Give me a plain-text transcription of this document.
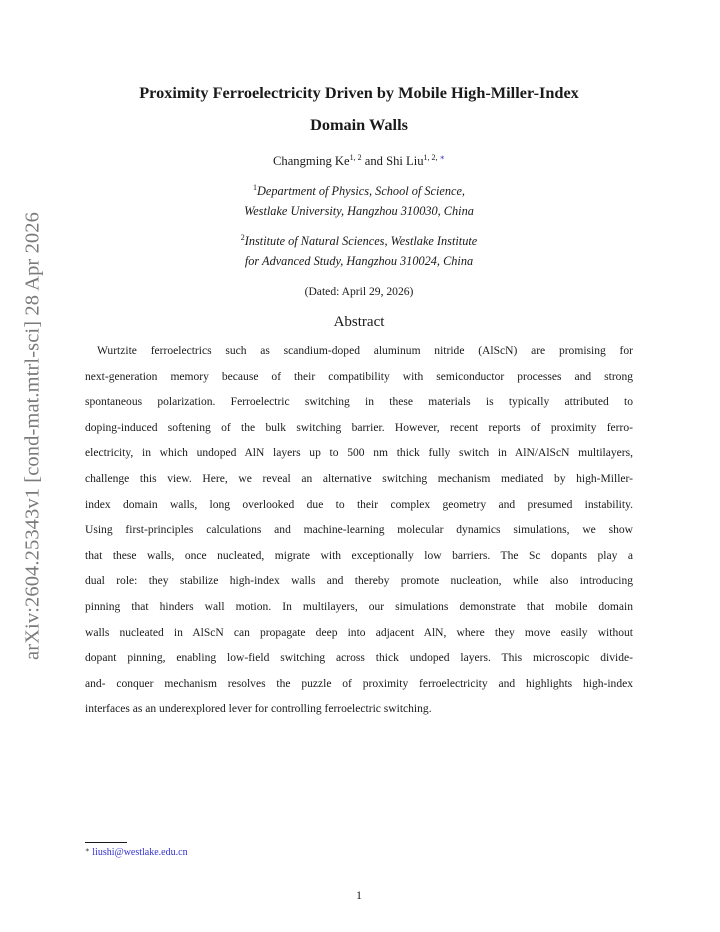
arXiv:2604.25343v1 [cond-mat.mtrl-sci] 28 Apr 2026
Proximity Ferroelectricity Driven by Mobile High-Miller-Index
Domain Walls
Changming Ke$^{1, 2}$ and Shi Liu$^{1, 2, ∗}$
$^1$Department of Physics, School of Science,
Westlake University, Hangzhou 310030, China
$^2$Institute of Natural Sciences, Westlake Institute
for Advanced Study, Hangzhou 310024, China
(Dated: April 29, 2026)
Abstract
Wurtzite ferroelectrics such as scandium-doped aluminum nitride (AlScN) are promising for
next-generation memory because of their compatibility with semiconductor processes and strong
spontaneous polarization. Ferroelectric switching in these materials is typically attributed to
doping-induced softening of the bulk switching barrier. However, recent reports of proximity ferro-
electricity, in which undoped AlN layers up to 500 nm thick fully switch in AlN/AlScN multilayers,
challenge this view. Here, we reveal an alternative switching mechanism mediated by high-Miller-
index domain walls, long overlooked due to their complex geometry and presumed instability.
Using first-principles calculations and machine-learning molecular dynamics simulations, we show
that these walls, once nucleated, migrate with exceptionally low barriers. The Sc dopants play a
dual role: they stabilize high-index walls and thereby promote nucleation, while also introducing
pinning that hinders wall motion. In multilayers, our simulations demonstrate that mobile domain
walls nucleated in AlScN can propagate deep into adjacent AlN, where they move easily without
dopant pinning, enabling low-field switching across thick undoped layers. This microscopic divide-
and- conquer mechanism resolves the puzzle of proximity ferroelectricity and highlights high-index
interfaces as an underexplored lever for controlling ferroelectric switching.
∗ liushi@westlake.edu.cn
1
